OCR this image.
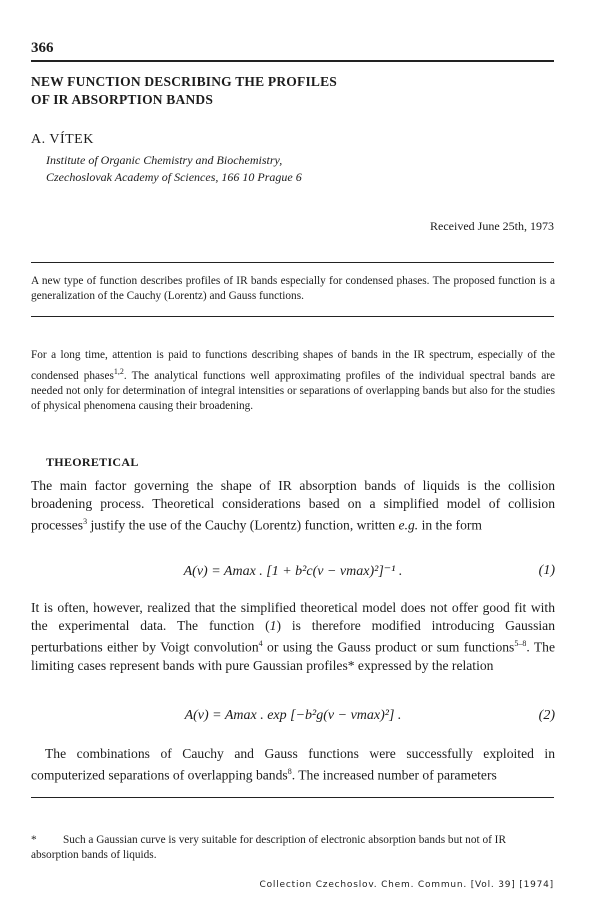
366
NEW FUNCTION DESCRIBING THE PROFILES
OF IR ABSORPTION BANDS
A. VÍTEK
Institute of Organic Chemistry and Biochemistry,
Czechoslovak Academy of Sciences, 166 10 Prague 6
Received June 25th, 1973
A new type of function describes profiles of IR bands especially for condensed phases. The proposed function is a generalization of the Cauchy (Lorentz) and Gauss functions.
For a long time, attention is paid to functions describing shapes of bands in the IR spectrum, especially of the condensed phases$^{1,2}$. The analytical functions well approximating profiles of the individual spectral bands are needed not only for determination of integral intensities or separations of overlapping bands but also for the studies of physical phenomena causing their broadening.
THEORETICAL
The main factor governing the shape of IR absorption bands of liquids is the collision broadening process. Theoretical considerations based on a simplified model of collision processes$^3$ justify the use of the Cauchy (Lorentz) function, written e.g. in the form
A(ν) = Amax . [1 + b²c(ν − νmax)²]⁻¹ .	(1)
It is often, however, realized that the simplified theoretical model does not offer good fit with the experimental data. The function (1) is therefore modified introducing Gaussian perturbations either by Voigt convolution$^4$ or using the Gauss product or sum functions$^{5-8}$. The limiting cases represent bands with pure Gaussian profiles* expressed by the relation
A(ν) = Amax . exp [−b²g(ν − νmax)²] .	(2)
The combinations of Cauchy and Gauss functions were successfully exploited in computerized separations of overlapping bands$^8$. The increased number of parameters
* Such a Gaussian curve is very suitable for description of electronic absorption bands but not of IR absorption bands of liquids.
Collection Czechoslov. Chem. Commun. [Vol. 39] [1974]
